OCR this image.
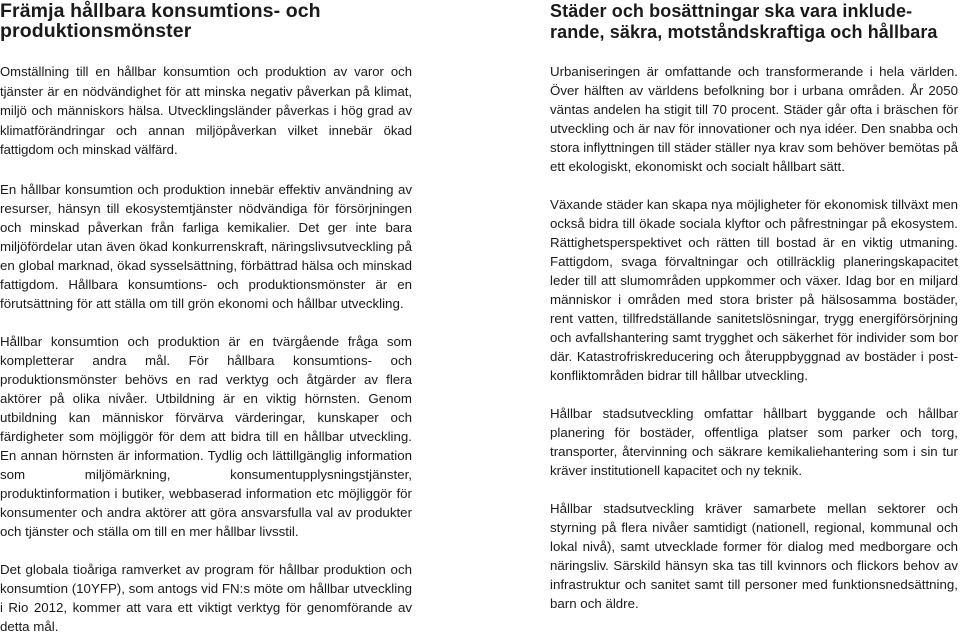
Främja hållbara konsumtions- och
produktionsmönster

Omställning till en hållbar konsumtion och produktion av varor och tjänster är en nödvändighet för att minska negativ påverkan på klimat, miljö och människors hälsa. Utvecklingsländer påverkas i hög grad av klimatförändringar och annan miljöpåverkan vilket innebär ökad fattigdom och minskad välfärd.

En hållbar konsumtion och produktion innebär effektiv användning av resurser, hänsyn till ekosystemtjänster nödvändiga för försörjningen och minskad påverkan från farliga kemikalier. Det ger inte bara miljöfördelar utan även ökad konkurrenskraft, näringslivsutveckling på en global marknad, ökad sysselsättning, förbättrad hälsa och minskad fattigdom. Hållbara konsumtions- och produktionsmönster är en förutsättning för att ställa om till grön ekonomi och hållbar utveckling.

Hållbar konsumtion och produktion är en tvärgående fråga som kompletterar andra mål. För hållbara konsumtions- och produktionsmönster behövs en rad verktyg och åtgärder av flera aktörer på olika nivåer. Utbildning är en viktig hörnsten. Genom utbildning kan människor förvärva värderingar, kunskaper och färdigheter som möjliggör för dem att bidra till en hållbar utveckling. En annan hörnsten är information. Tydlig och lättillgänglig information som miljömärkning, konsumentupplysningstjänster, produktinformation i butiker, webbaserad information etc möjliggör för konsumenter och andra aktörer att göra ansvarsfulla val av produkter och tjänster och ställa om till en mer hållbar livsstil.

Det globala tioåriga ramverket av program för hållbar produktion och konsumtion (10YFP), som antogs vid FN:s möte om hållbar utveckling i Rio 2012, kommer att vara ett viktigt verktyg för genomförande av detta mål.

Städer och bosättningar ska vara inklude-
rande, säkra, motståndskraftiga och hållbara

Urbaniseringen är omfattande och transformerande i hela världen. Över hälften av världens befolkning bor i urbana områden. År 2050 väntas andelen ha stigit till 70 procent. Städer går ofta i bräschen för utveckling och är nav för innovationer och nya idéer. Den snabba och stora inflyttningen till städer ställer nya krav som behöver bemötas på ett ekologiskt, ekonomiskt och socialt hållbart sätt.

Växande städer kan skapa nya möjligheter för ekonomisk tillväxt men också bidra till ökade sociala klyftor och påfrestningar på ekosystem. Rättighetsperspektivet och rätten till bostad är en viktig utmaning. Fattigdom, svaga förvaltningar och otillräcklig planeringskapacitet leder till att slumområden uppkommer och växer. Idag bor en miljard människor i områden med stora brister på hälsosamma bostäder, rent vatten, tillfredställande sanitetslösningar, trygg energiförsörjning och avfallshantering samt trygghet och säkerhet för individer som bor där. Katastrofriskreducering och återuppbyggnad av bostäder i post-konfliktområden bidrar till hållbar utveckling.

Hållbar stadsutveckling omfattar hållbart byggande och hållbar planering för bostäder, offentliga platser som parker och torg, transporter, återvinning och säkrare kemikaliehantering som i sin tur kräver institutionell kapacitet och ny teknik.

Hållbar stadsutveckling kräver samarbete mellan sektorer och styrning på flera nivåer samtidigt (nationell, regional, kommunal och lokal nivå), samt utvecklade former för dialog med medborgare och näringsliv. Särskild hänsyn ska tas till kvinnors och flickors behov av infrastruktur och sanitet samt till personer med funktionsnedsättning, barn och äldre.
